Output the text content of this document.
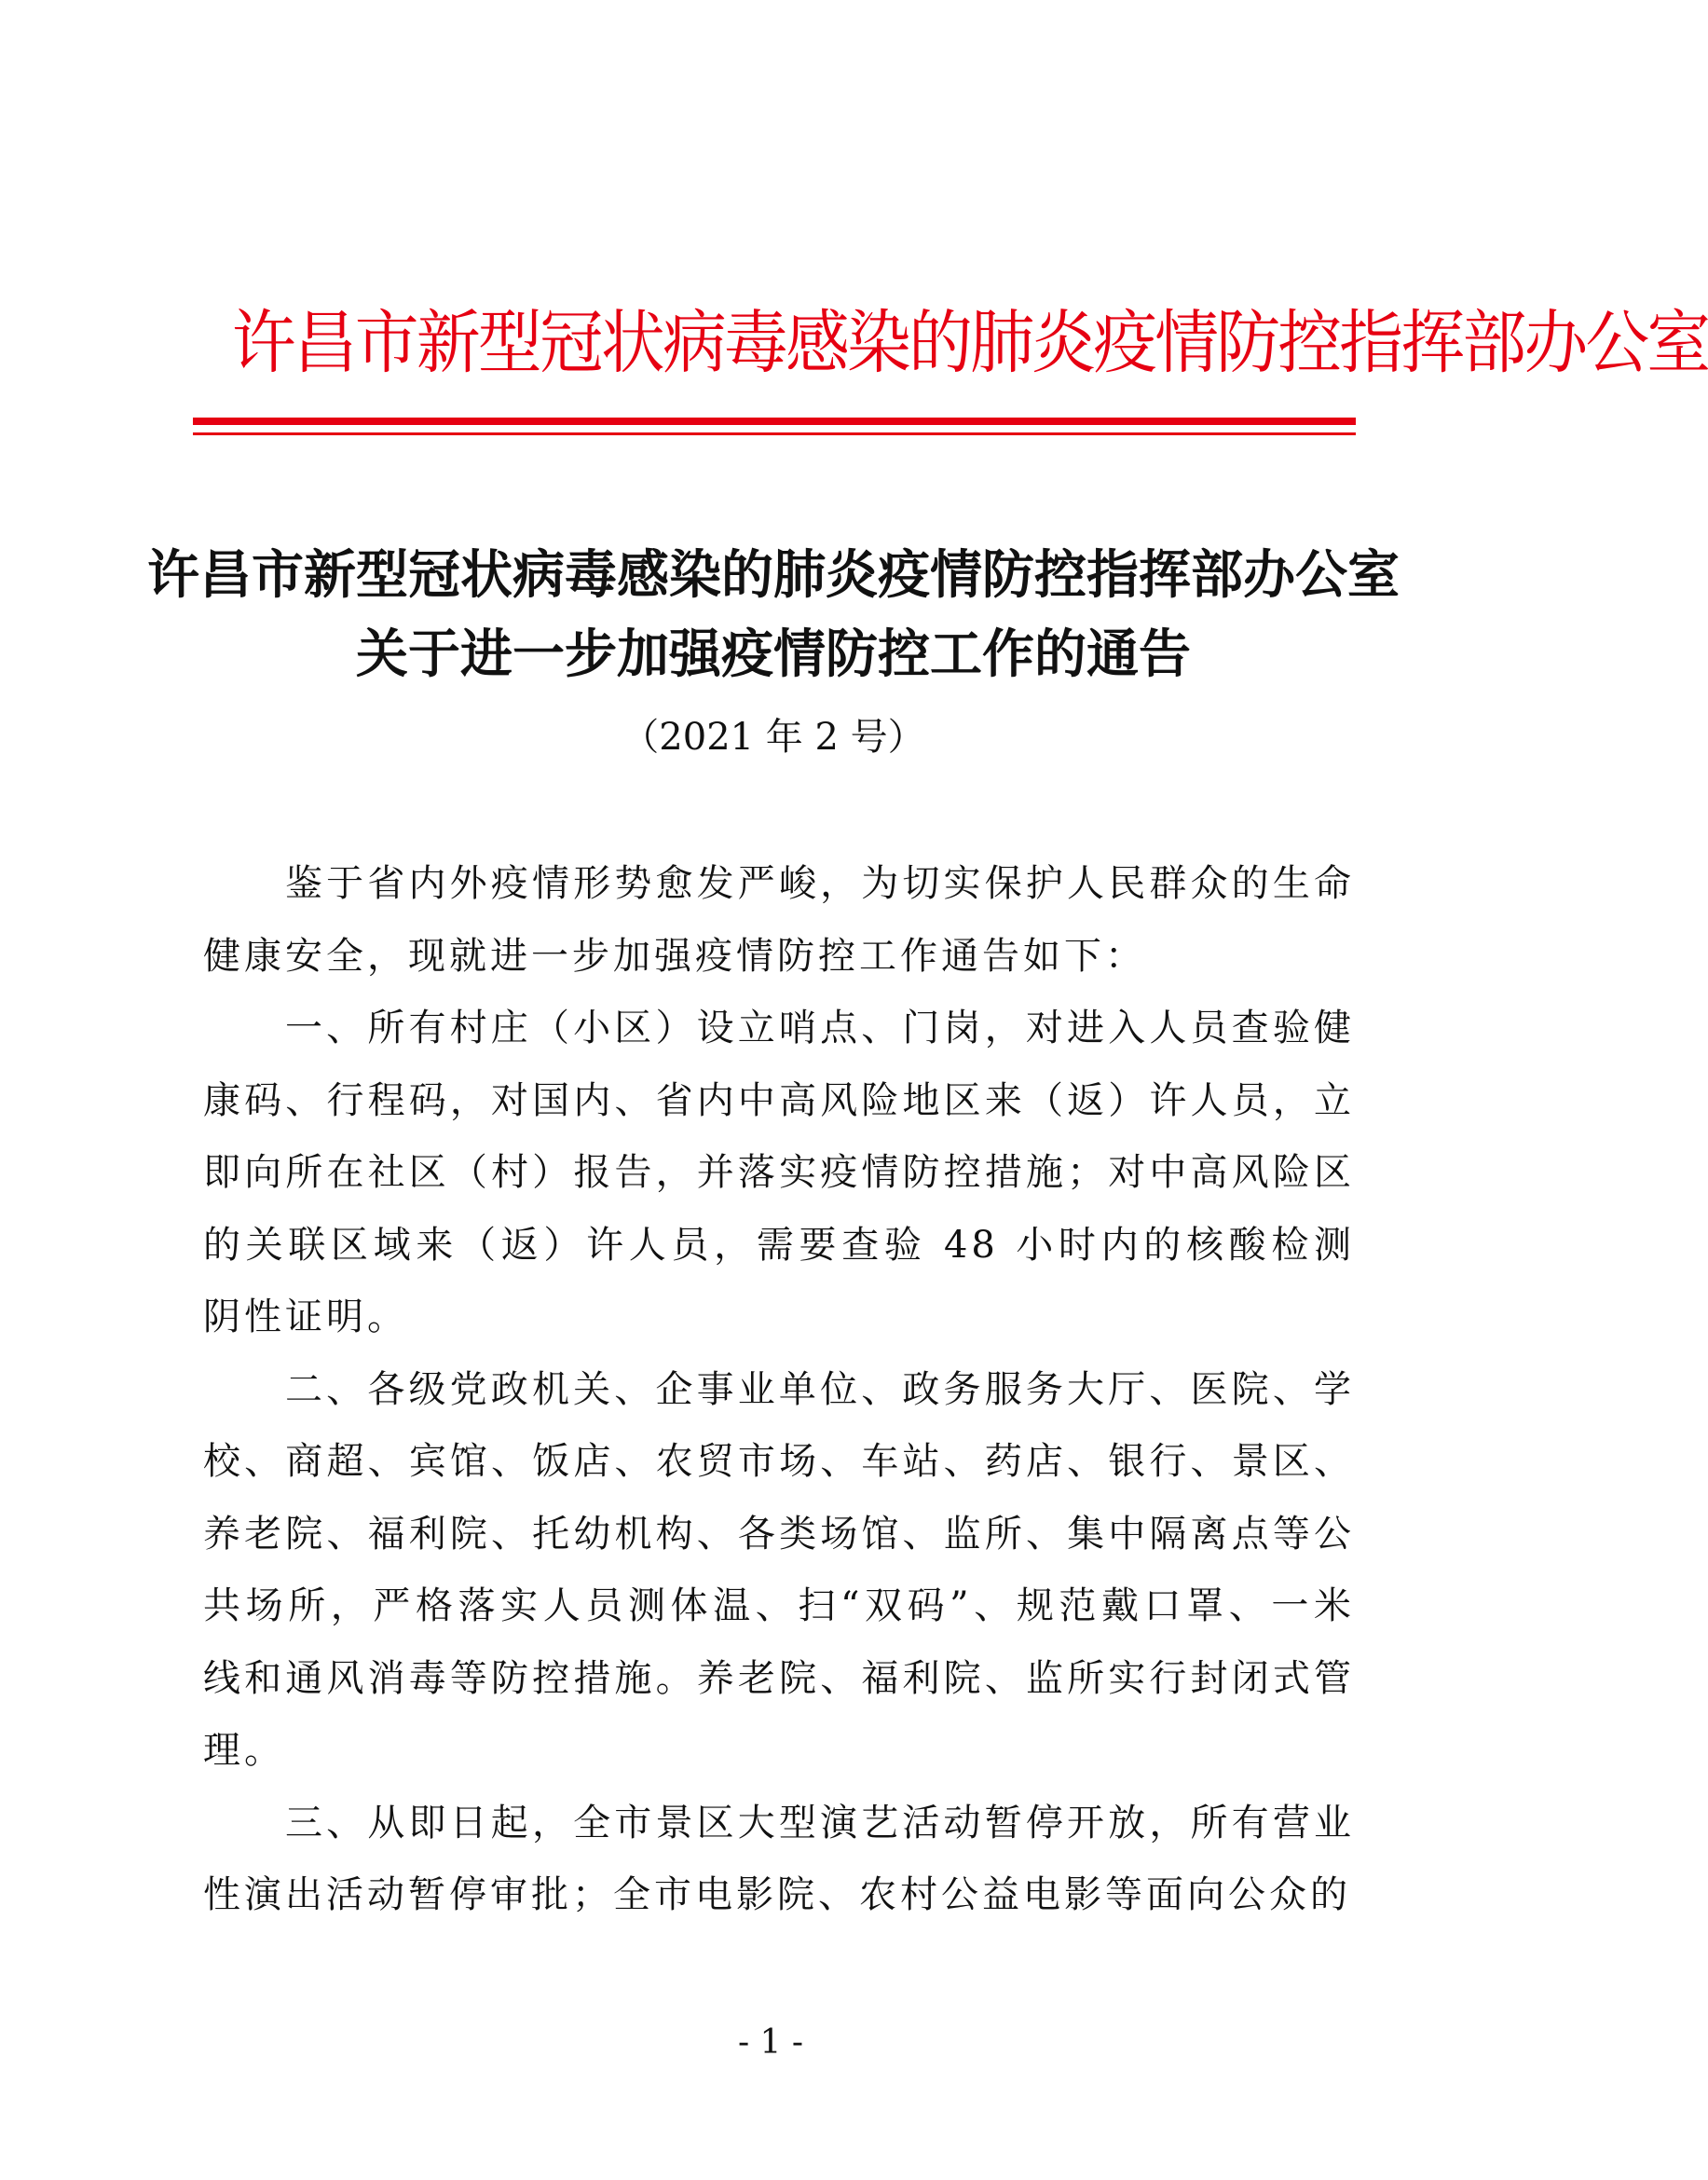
许昌市新型冠状病毒感染的肺炎疫情防控指挥部办公室
许昌市新型冠状病毒感染的肺炎疫情防控指挥部办公室
关于进一步加强疫情防控工作的通告
（2021 年 2 号）

鉴于省内外疫情形势愈发严峻，为切实保护人民群众的生命健康安全，现就进一步加强疫情防控工作通告如下：

一、所有村庄（小区）设立哨点、门岗，对进入人员查验健康码、行程码，对国内、省内中高风险地区来（返）许人员，立即向所在社区（村）报告，并落实疫情防控措施；对中高风险区的关联区域来（返）许人员，需要查验 48 小时内的核酸检测阴性证明。

二、各级党政机关、企事业单位、政务服务大厅、医院、学校、商超、宾馆、饭店、农贸市场、车站、药店、银行、景区、养老院、福利院、托幼机构、各类场馆、监所、集中隔离点等公共场所，严格落实人员测体温、扫“双码”、规范戴口罩、一米线和通风消毒等防控措施。养老院、福利院、监所实行封闭式管理。

三、从即日起，全市景区大型演艺活动暂停开放，所有营业性演出活动暂停审批；全市电影院、农村公益电影等面向公众的

- 1 -
